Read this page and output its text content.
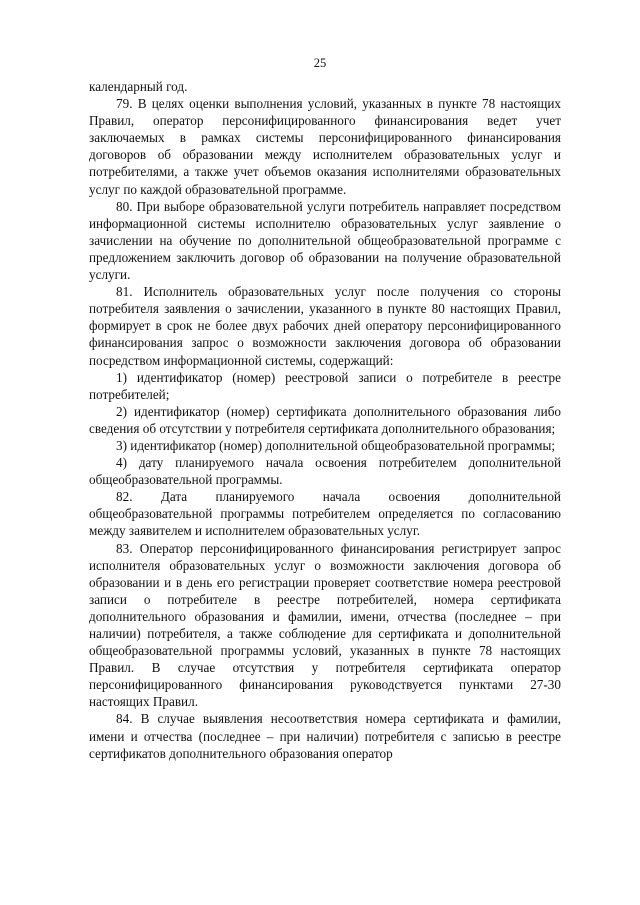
25

календарный год.

79. В целях оценки выполнения условий, указанных в пункте 78 настоящих Правил, оператор персонифицированного финансирования ведет учет заключаемых в рамках системы персонифицированного финансирования договоров об образовании между исполнителем образовательных услуг и потребителями, а также учет объемов оказания исполнителями образовательных услуг по каждой образовательной программе.

80. При выборе образовательной услуги потребитель направляет посредством информационной системы исполнителю образовательных услуг заявление о зачислении на обучение по дополнительной общеобразовательной программе с предложением заключить договор об образовании на получение образовательной услуги.

81. Исполнитель образовательных услуг после получения со стороны потребителя заявления о зачислении, указанного в пункте 80 настоящих Правил, формирует в срок не более двух рабочих дней оператору персонифицированного финансирования запрос о возможности заключения договора об образовании посредством информационной системы, содержащий:

1) идентификатор (номер) реестровой записи о потребителе в реестре потребителей;

2) идентификатор (номер) сертификата дополнительного образования либо сведения об отсутствии у потребителя сертификата дополнительного образования;

3) идентификатор (номер) дополнительной общеобразовательной программы;

4) дату планируемого начала освоения потребителем дополнительной общеобразовательной программы.

82. Дата планируемого начала освоения дополнительной общеобразовательной программы потребителем определяется по согласованию между заявителем и исполнителем образовательных услуг.

83. Оператор персонифицированного финансирования регистрирует запрос исполнителя образовательных услуг о возможности заключения договора об образовании и в день его регистрации проверяет соответствие номера реестровой записи о потребителе в реестре потребителей, номера сертификата дополнительного образования и фамилии, имени, отчества (последнее – при наличии) потребителя, а также соблюдение для сертификата и дополнительной общеобразовательной программы условий, указанных в пункте 78 настоящих Правил. В случае отсутствия у потребителя сертификата оператор персонифицированного финансирования руководствуется пунктами 27-30 настоящих Правил.

84. В случае выявления несоответствия номера сертификата и фамилии, имени и отчества (последнее – при наличии) потребителя с записью в реестре сертификатов дополнительного образования оператор
